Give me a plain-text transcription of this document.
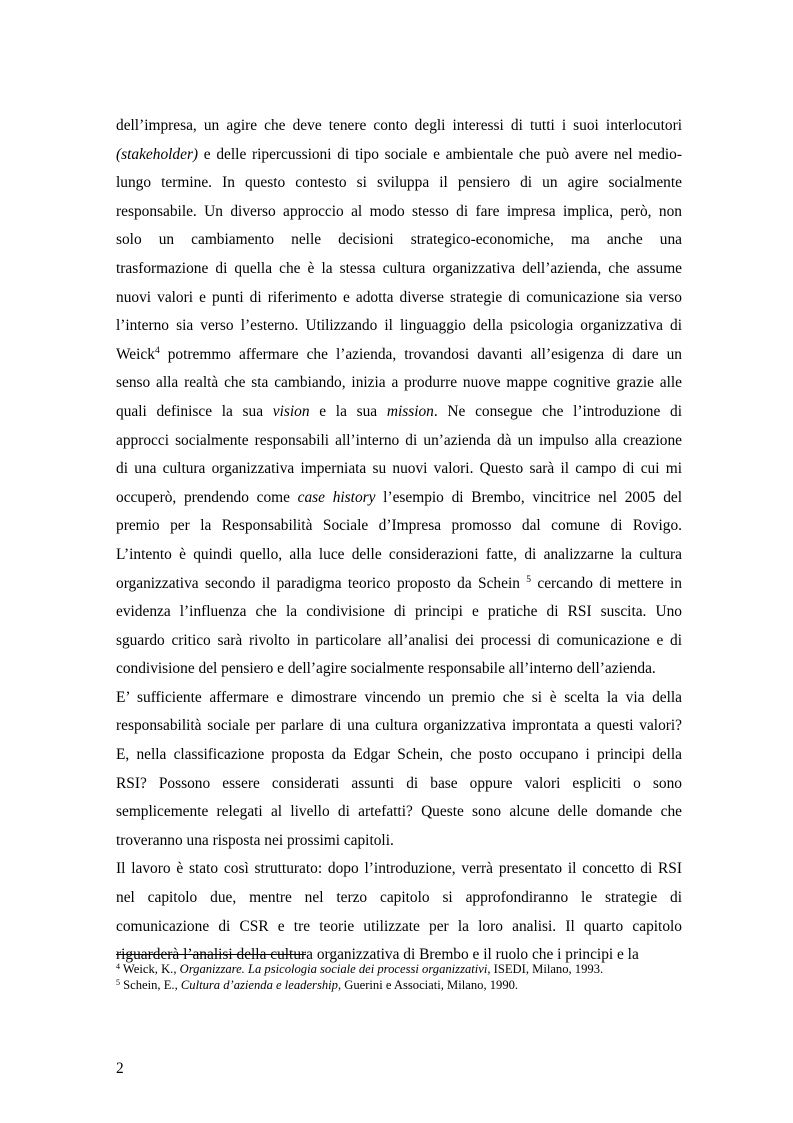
dell’impresa, un agire che deve tenere conto degli interessi di tutti i suoi interlocutori
(stakeholder) e delle ripercussioni di tipo sociale e ambientale che può avere nel medio-
lungo termine. In questo contesto si sviluppa il pensiero di un agire socialmente
responsabile. Un diverso approccio al modo stesso di fare impresa implica, però, non
solo un cambiamento nelle decisioni strategico-economiche, ma anche una
trasformazione di quella che è la stessa cultura organizzativa dell’azienda, che assume
nuovi valori e punti di riferimento e adotta diverse strategie di comunicazione sia verso
l’interno sia verso l’esterno. Utilizzando il linguaggio della psicologia organizzativa di
Weick$^4$ potremmo affermare che l’azienda, trovandosi davanti all’esigenza di dare un
senso alla realtà che sta cambiando, inizia a produrre nuove mappe cognitive grazie alle
quali definisce la sua vision e la sua mission. Ne consegue che l’introduzione di
approcci socialmente responsabili all’interno di un’azienda dà un impulso alla creazione
di una cultura organizzativa imperniata su nuovi valori. Questo sarà il campo di cui mi
occuperò, prendendo come case history l’esempio di Brembo, vincitrice nel 2005 del
premio per la Responsabilità Sociale d’Impresa promosso dal comune di Rovigo.
L’intento è quindi quello, alla luce delle considerazioni fatte, di analizzarne la cultura
organizzativa secondo il paradigma teorico proposto da Schein $^5$ cercando di mettere in
evidenza l’influenza che la condivisione di principi e pratiche di RSI suscita. Uno
sguardo critico sarà rivolto in particolare all’analisi dei processi di comunicazione e di
condivisione del pensiero e dell’agire socialmente responsabile all’interno dell’azienda.
E’ sufficiente affermare e dimostrare vincendo un premio che si è scelta la via della
responsabilità sociale per parlare di una cultura organizzativa improntata a questi valori?
E, nella classificazione proposta da Edgar Schein, che posto occupano i principi della
RSI? Possono essere considerati assunti di base oppure valori espliciti o sono
semplicemente relegati al livello di artefatti? Queste sono alcune delle domande che
troveranno una risposta nei prossimi capitoli.
Il lavoro è stato così strutturato: dopo l’introduzione, verrà presentato il concetto di RSI
nel capitolo due, mentre nel terzo capitolo si approfondiranno le strategie di
comunicazione di CSR e tre teorie utilizzate per la loro analisi. Il quarto capitolo
riguarderà l’analisi della cultura organizzativa di Brembo e il ruolo che i principi e la
$^4$ Weick, K., Organizzare. La psicologia sociale dei processi organizzativi, ISEDI, Milano, 1993.
$^5$ Schein, E., Cultura d’azienda e leadership, Guerini e Associati, Milano, 1990.
2
